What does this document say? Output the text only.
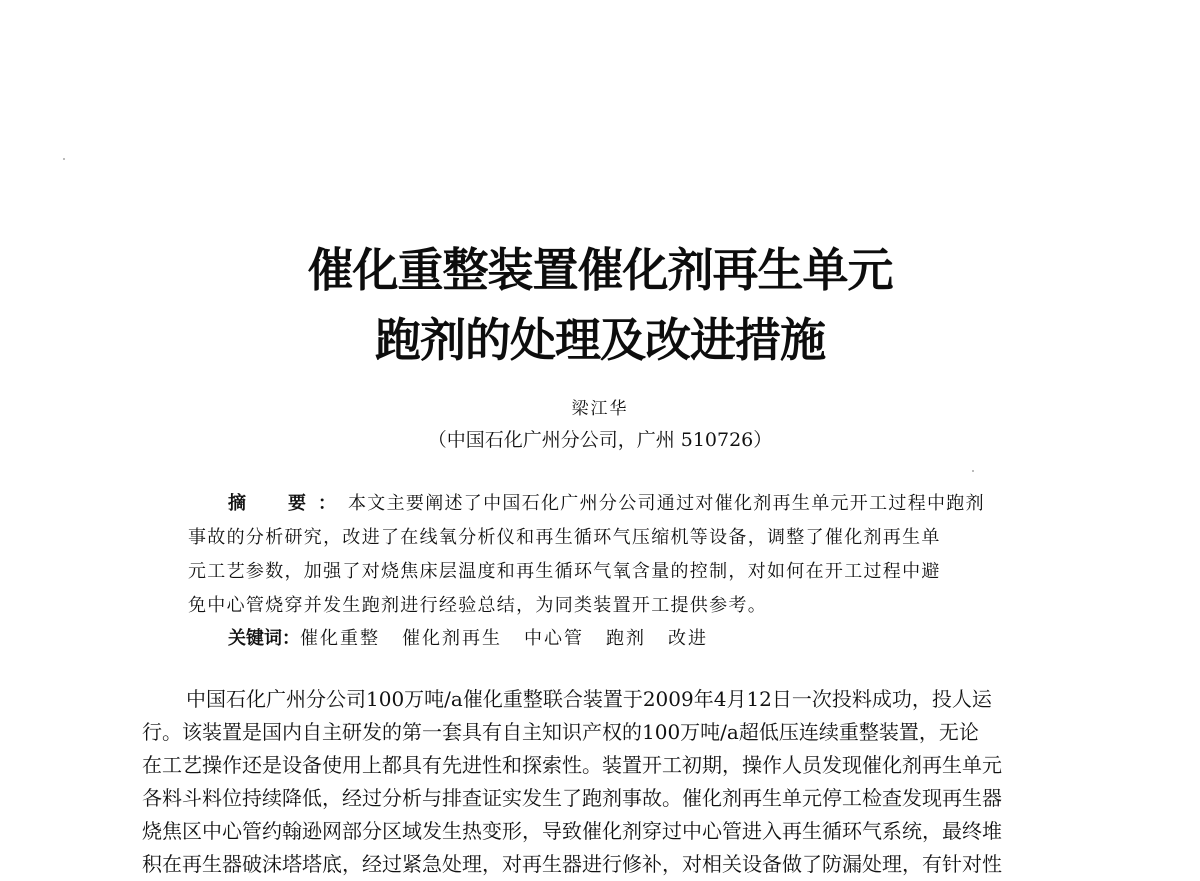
催化重整装置催化剂再生单元
跑剂的处理及改进措施
梁江华
（中国石化广州分公司，广州 510726）
摘　要：本文主要阐述了中国石化广州分公司通过对催化剂再生单元开工过程中跑剂
事故的分析研究，改进了在线氧分析仪和再生循环气压缩机等设备，调整了催化剂再生单
元工艺参数，加强了对烧焦床层温度和再生循环气氧含量的控制，对如何在开工过程中避
免中心管烧穿并发生跑剂进行经验总结，为同类装置开工提供参考。
关键词：催化重整 催化剂再生 中心管 跑剂 改进
中国石化广州分公司100万吨/a催化重整联合装置于2009年4月12日一次投料成功，投人运
行。该装置是国内自主研发的第一套具有自主知识产权的100万吨/a超低压连续重整装置，无论
在工艺操作还是设备使用上都具有先进性和探索性。装置开工初期，操作人员发现催化剂再生单元
各料斗料位持续降低，经过分析与排查证实发生了跑剂事故。催化剂再生单元停工检查发现再生器
烧焦区中心管约翰逊网部分区域发生热变形，导致催化剂穿过中心管进入再生循环气系统，最终堆
积在再生器破沫塔塔底，经过紧急处理，对再生器进行修补，对相关设备做了防漏处理，有针对性
